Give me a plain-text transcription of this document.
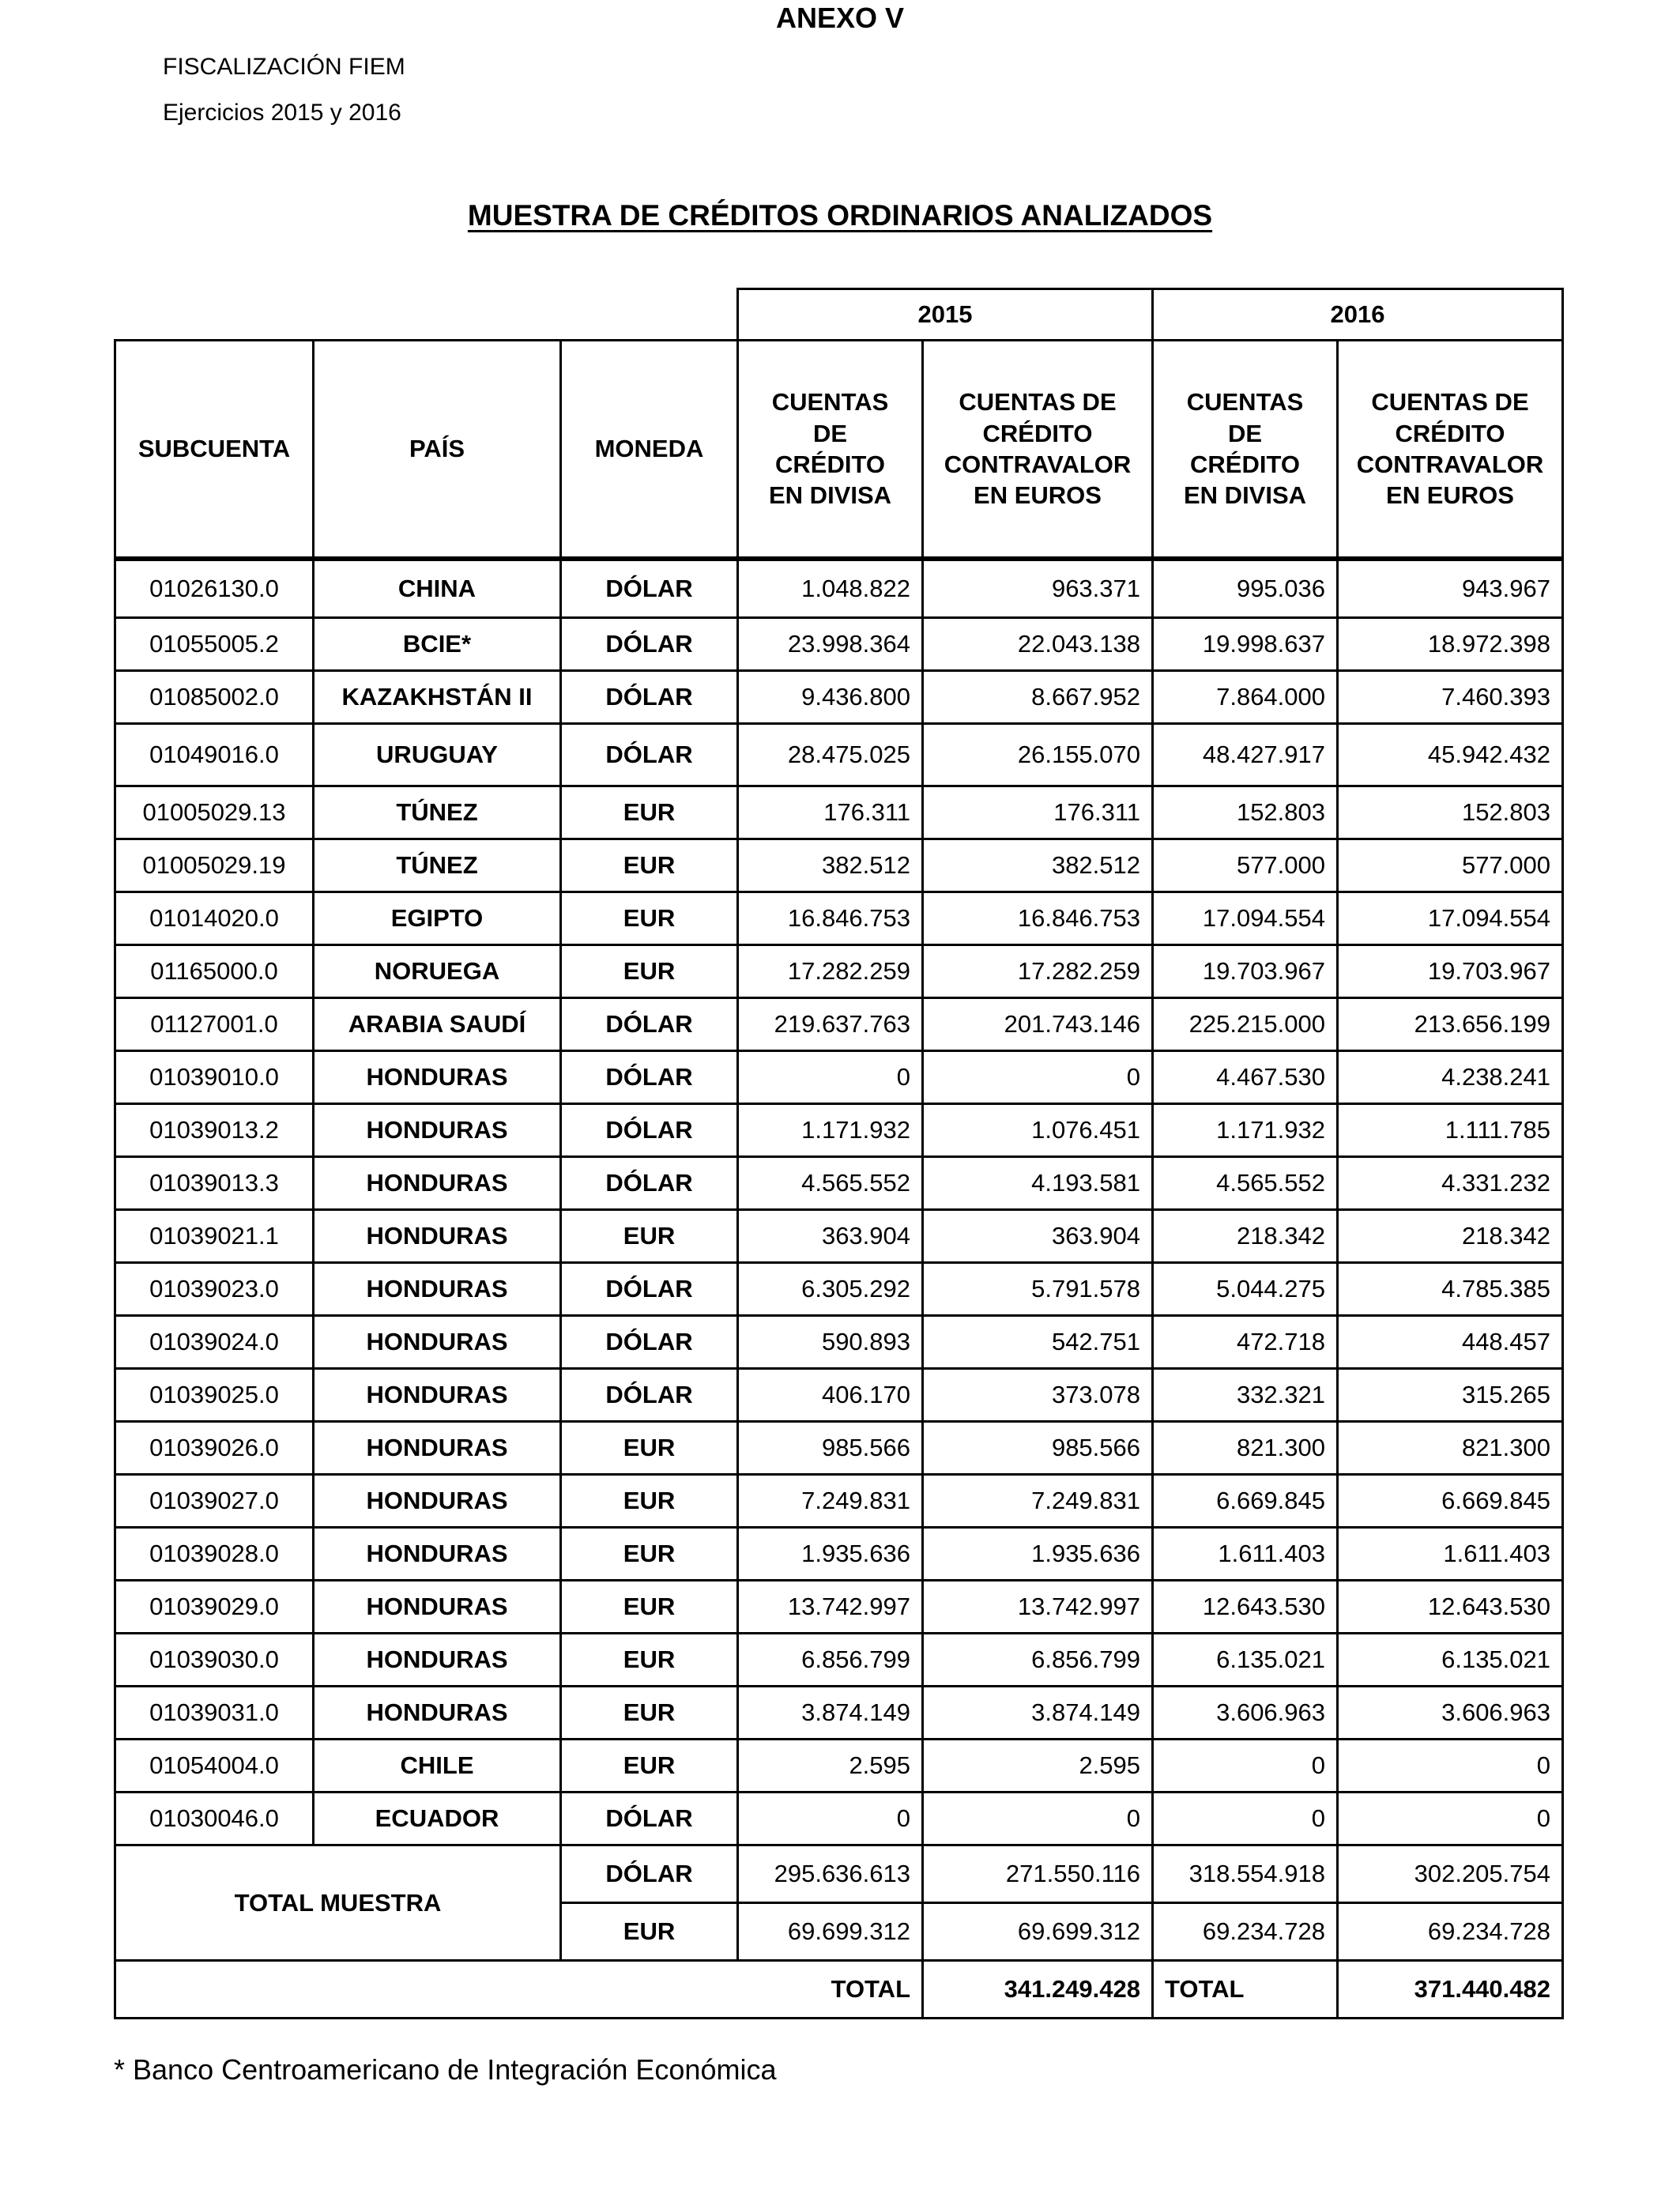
ANEXO V
FISCALIZACIÓN FIEM
Ejercicios 2015 y 2016
MUESTRA DE CRÉDITOS ORDINARIOS ANALIZADOS
			2015		2016	
SUBCUENTA	PAÍS	MONEDA	CUENTAS
DE
CRÉDITO
EN DIVISA	CUENTAS DE
CRÉDITO
CONTRAVALOR
EN EUROS	CUENTAS
DE
CRÉDITO
EN DIVISA	CUENTAS DE
CRÉDITO
CONTRAVALOR
EN EUROS

01026130.0	CHINA	DÓLAR	1.048.822	963.371	995.036	943.967
01055005.2	BCIE*	DÓLAR	23.998.364	22.043.138	19.998.637	18.972.398
01085002.0	KAZAKHSTÁN II	DÓLAR	9.436.800	8.667.952	7.864.000	7.460.393
01049016.0	URUGUAY	DÓLAR	28.475.025	26.155.070	48.427.917	45.942.432
01005029.13	TÚNEZ	EUR	176.311	176.311	152.803	152.803
01005029.19	TÚNEZ	EUR	382.512	382.512	577.000	577.000
01014020.0	EGIPTO	EUR	16.846.753	16.846.753	17.094.554	17.094.554
01165000.0	NORUEGA	EUR	17.282.259	17.282.259	19.703.967	19.703.967
01127001.0	ARABIA SAUDÍ	DÓLAR	219.637.763	201.743.146	225.215.000	213.656.199
01039010.0	HONDURAS	DÓLAR	0	0	4.467.530	4.238.241
01039013.2	HONDURAS	DÓLAR	1.171.932	1.076.451	1.171.932	1.111.785
01039013.3	HONDURAS	DÓLAR	4.565.552	4.193.581	4.565.552	4.331.232
01039021.1	HONDURAS	EUR	363.904	363.904	218.342	218.342
01039023.0	HONDURAS	DÓLAR	6.305.292	5.791.578	5.044.275	4.785.385
01039024.0	HONDURAS	DÓLAR	590.893	542.751	472.718	448.457
01039025.0	HONDURAS	DÓLAR	406.170	373.078	332.321	315.265
01039026.0	HONDURAS	EUR	985.566	985.566	821.300	821.300
01039027.0	HONDURAS	EUR	7.249.831	7.249.831	6.669.845	6.669.845
01039028.0	HONDURAS	EUR	1.935.636	1.935.636	1.611.403	1.611.403
01039029.0	HONDURAS	EUR	13.742.997	13.742.997	12.643.530	12.643.530
01039030.0	HONDURAS	EUR	6.856.799	6.856.799	6.135.021	6.135.021
01039031.0	HONDURAS	EUR	3.874.149	3.874.149	3.606.963	3.606.963
01054004.0	CHILE	EUR	2.595	2.595	0	0
01030046.0	ECUADOR	DÓLAR	0	0	0	0
TOTAL MUESTRA		DÓLAR	295.636.613	271.550.116	318.554.918	302.205.754
		EUR	69.699.312	69.699.312	69.234.728	69.234.728
TOTAL				341.249.428	TOTAL	371.440.482
* Banco Centroamericano de Integración Económica
